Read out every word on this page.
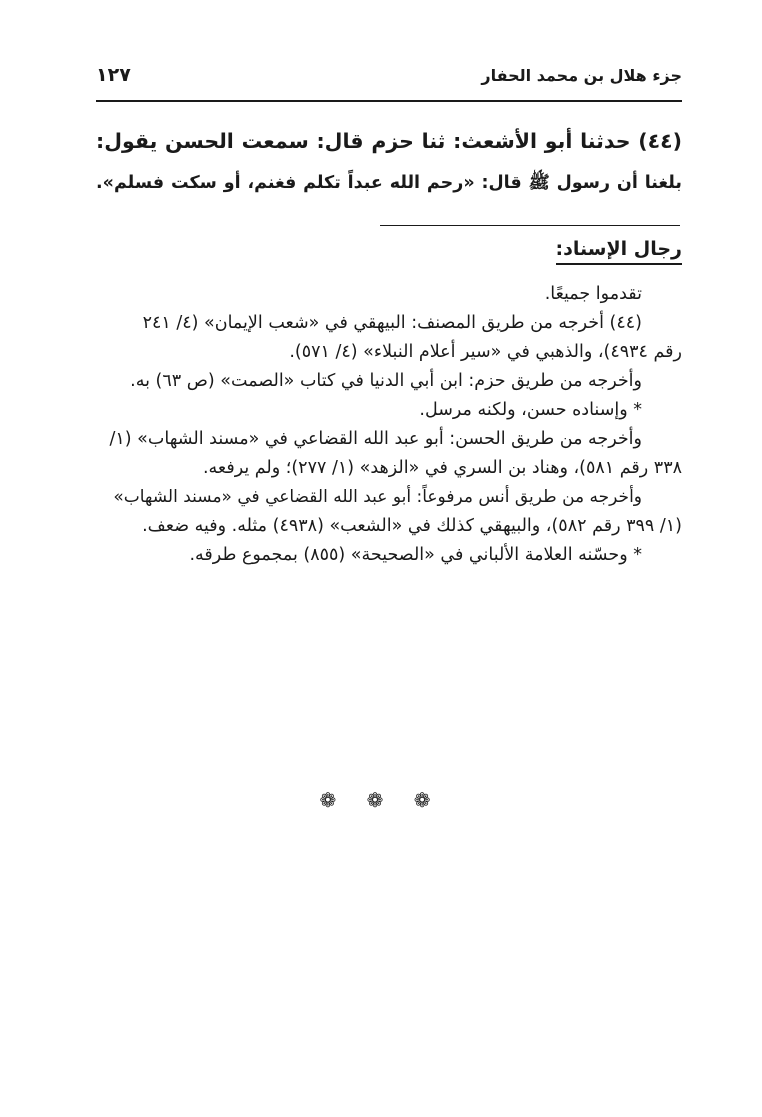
جزء هلال بن محمد الحفار
١٢٧
(٤٤) حدثنا أبو الأشعث: ثنا حزم قال: سمعت الحسن يقول:
بلغنا أن رسول ﷺ قال: «رحم الله عبداً تكلم فغنم، أو سكت فسلم».
رجال الإسناد:
تقدموا جميعًا.
(٤٤) أخرجه من طريق المصنف: البيهقي في «شعب الإيمان» (٤/ ٢٤١
رقم ٤٩٣٤)، والذهبي في «سير أعلام النبلاء» (٤/ ٥٧١).
وأخرجه من طريق حزم: ابن أبي الدنيا في كتاب «الصمت» (ص ٦٣) به.
* وإسناده حسن، ولكنه مرسل.
وأخرجه من طريق الحسن: أبو عبد الله القضاعي في «مسند الشهاب» (١/
٣٣٨ رقم ٥٨١)، وهناد بن السري في «الزهد» (١/ ٢٧٧)؛ ولم يرفعه.
وأخرجه من طريق أنس مرفوعاً: أبو عبد الله القضاعي في «مسند الشهاب»
(١/ ٣٩٩ رقم ٥٨٢)، والبيهقي كذلك في «الشعب» (٤٩٣٨) مثله. وفيه ضعف.
* وحسّنه العلامة الألباني في «الصحيحة» (٨٥٥) بمجموع طرقه.
❁ ❁ ❁
